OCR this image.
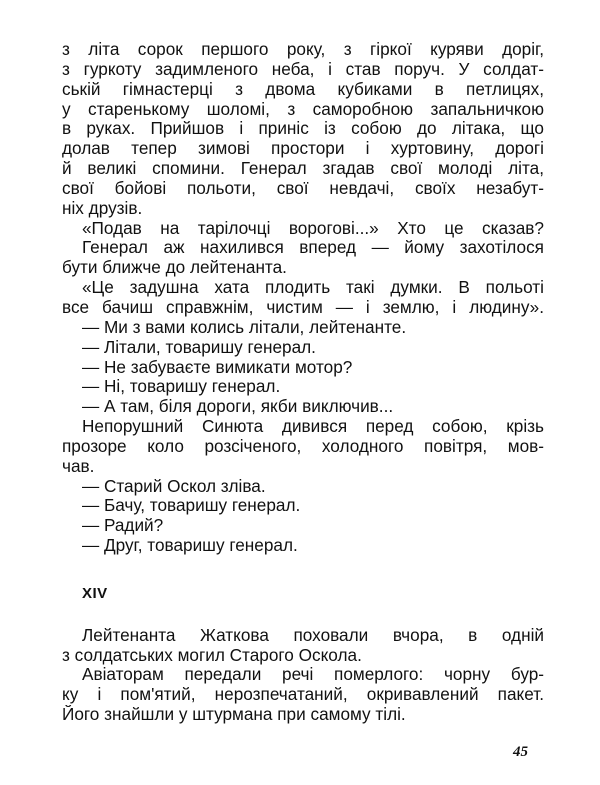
з літа сорок першого року, з гіркої куряви доріг,
з гуркоту задимленого неба, і став поруч. У солдат-
ській гімнастерці з двома кубиками в петлицях,
у старенькому шоломі, з саморобною запальничкою
в руках. Прийшов і приніс із собою до літака, що
долав тепер зимові простори і хуртовину, дорогі
й великі спомини. Генерал згадав свої молоді літа,
свої бойові польоти, свої невдачі, своїх незабут-
ніх друзів.
«Подав на тарілочці ворогові...» Хто це сказав?
Генерал аж нахилився вперед — йому захотілося
бути ближче до лейтенанта.
«Це задушна хата плодить такі думки. В польоті
все бачиш справжнім, чистим — і землю, і людину».
— Ми з вами колись літали, лейтенанте.
— Літали, товаришу генерал.
— Не забуваєте вимикати мотор?
— Ні, товаришу генерал.
— А там, біля дороги, якби виключив...
Непорушний Синюта дивився перед собою, крізь
прозоре коло розсіченого, холодного повітря, мов-
чав.
— Старий Оскол зліва.
— Бачу, товаришу генерал.
— Радий?
— Друг, товаришу генерал.
XIV
Лейтенанта Жаткова поховали вчора, в одній
з солдатських могил Старого Оскола.
Авіаторам передали речі померлого: чорну бур-
ку і пом'ятий, нерозпечатаний, окривавлений пакет.
Його знайшли у штурмана при самому тілі.
45
